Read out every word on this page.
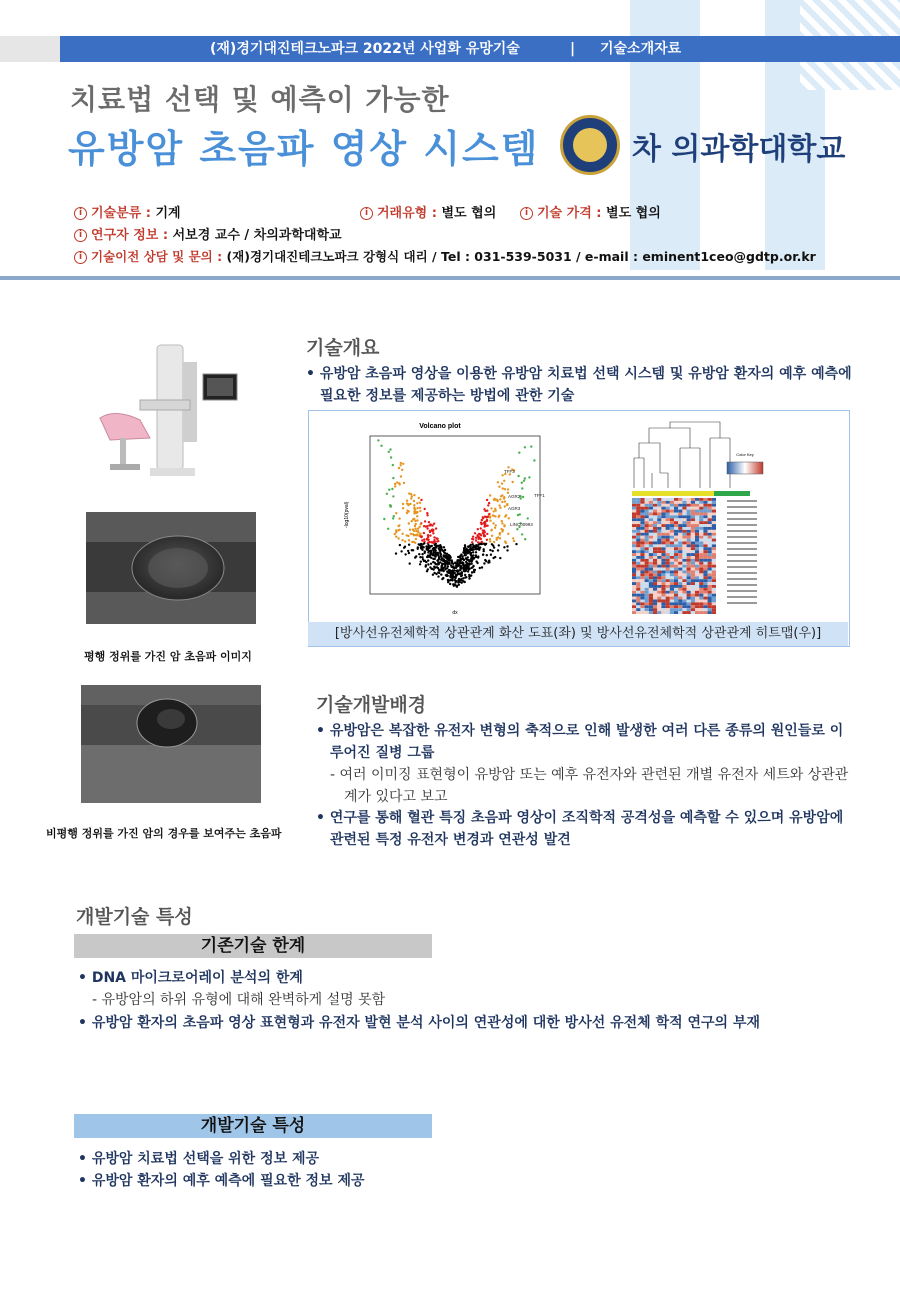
(재)경기대진테크노파크 2022년 사업화 유망기술	| 기술소개자료
치료법 선택 및 예측이 가능한
유방암 초음파 영상 시스템	차 의과학대학교
i 기술분류 : 기계	i 거래유형 : 별도 협의	i 기술 가격 : 별도 협의
i 연구자 정보 : 서보경 교수 / 차의과학대학교
i 기술이전 상담 및 문의 : (재)경기대진테크노파크 강형식 대리 / Tel : 031-539-5031 / e-mail : eminent1ceo@gdtp.or.kr
평행 정위를 가진 암 초음파 이미지
비평행 정위를 가진 암의 경우를 보여주는 초음파
기술개요
• 유방암 초음파 영상을 이용한 유방암 치료법 선택 시스템 및 유방암 환자의 예후 예측에 필요한 정보를 제공하는 방법에 관한 기술
Volcano plot
-log10(pval)
dx
TFF3
AGR2
AGR3
TFF1
LINC00993
Color Key
[방사선유전체학적 상관관계 화산 도표(좌) 및 방사선유전체학적 상관관계 히트맵(우)]
기술개발배경
• 유방암은 복잡한 유전자 변형의 축적으로 인해 발생한 여러 다른 종류의 원인들로 이루어진 질병 그룹
- 여러 이미징 표현형이 유방암 또는 예후 유전자와 관련된 개별 유전자 세트와 상관관계가 있다고 보고
• 연구를 통해 혈관 특징 초음파 영상이 조직학적 공격성을 예측할 수 있으며 유방암에 관련된 특정 유전자 변경과 연관성 발견
개발기술 특성
기존기술 한계
• DNA 마이크로어레이 분석의 한계
- 유방암의 하위 유형에 대해 완벽하게 설명 못함
• 유방암 환자의 초음파 영상 표현형과 유전자 발현 분석 사이의 연관성에 대한 방사선 유전체 학적 연구의 부재
개발기술 특성
• 유방암 치료법 선택을 위한 정보 제공
• 유방암 환자의 예후 예측에 필요한 정보 제공
